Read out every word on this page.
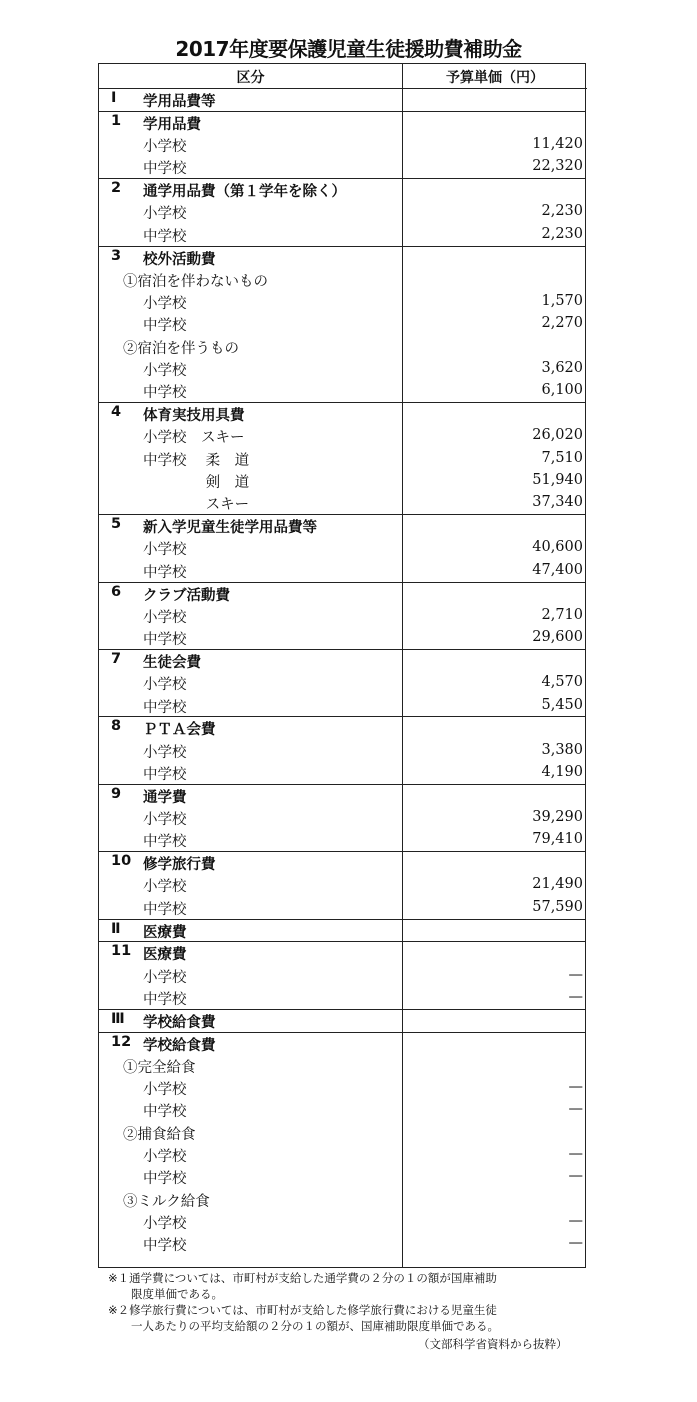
2017年度要保護児童生徒援助費補助金
区分	予算単価（円）
Ⅰ 学用品費等
1 学用品費
小学校	11,420
中学校	22,320
2 通学用品費（第１学年を除く）
小学校	2,230
中学校	2,230
3 校外活動費
①宿泊を伴わないもの
小学校	1,570
中学校	2,270
②宿泊を伴うもの
小学校	3,620
中学校	6,100
4 体育実技用具費
小学校　スキー	26,020
中学校　 柔　道	7,510
　　　　 剣　道	51,940
　　　　 スキー	37,340
5 新入学児童生徒学用品費等
小学校	40,600
中学校	47,400
6 クラブ活動費
小学校	2,710
中学校	29,600
7 生徒会費
小学校	4,570
中学校	5,450
8 ＰＴＡ会費
小学校	3,380
中学校	4,190
9 通学費
小学校	39,290
中学校	79,410
10 修学旅行費
小学校	21,490
中学校	57,590
Ⅱ 医療費
11 医療費
小学校	—
中学校	—
Ⅲ 学校給食費
12 学校給食費
①完全給食
小学校	—
中学校	—
②捕食給食
小学校	—
中学校	—
③ミルク給食
小学校	—
中学校	—
※１通学費については、市町村が支給した通学費の２分の１の額が国庫補助
　　限度単価である。
※２修学旅行費については、市町村が支給した修学旅行費における児童生徒
　　一人あたりの平均支給額の２分の１の額が、国庫補助限度単価である。
（文部科学省資料から抜粋）
